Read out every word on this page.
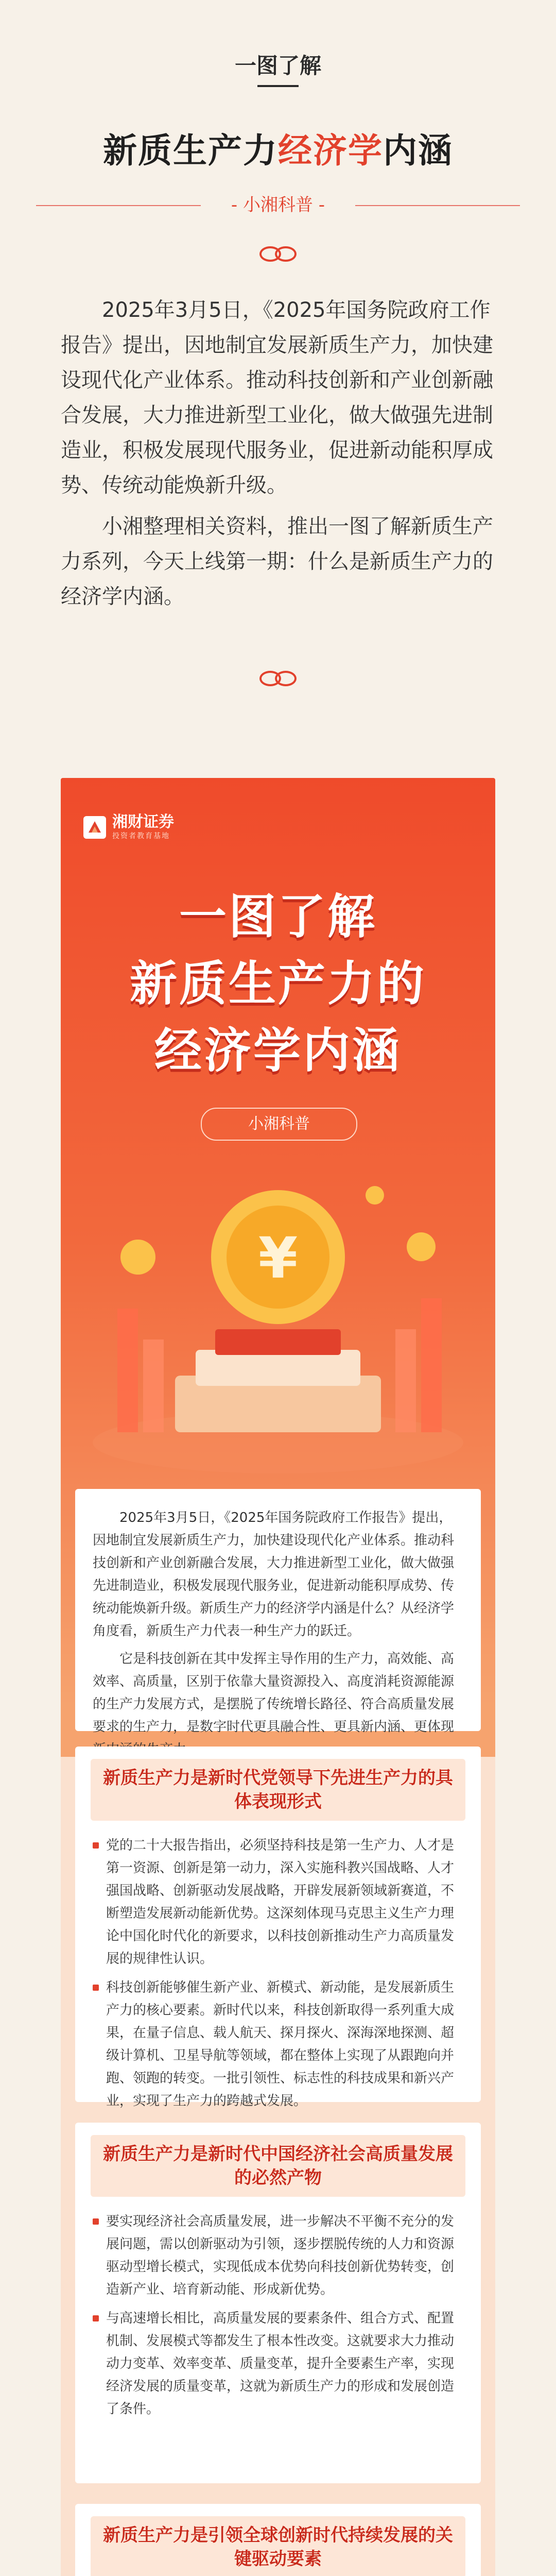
一图了解
新质生产力经济学内涵
- 小湘科普 -

2025年3月5日，《2025年国务院政府工作报告》提出，因地制宜发展新质生产力，加快建设现代化产业体系。推动科技创新和产业创新融合发展，大力推进新型工业化，做大做强先进制造业，积极发展现代服务业，促进新动能积厚成势、传统动能焕新升级。

小湘整理相关资料，推出一图了解新质生产力系列，今天上线第一期：什么是新质生产力的经济学内涵。

湘财证券
投资者教育基地
一图了解
新质生产力的
经济学内涵
小湘科普
¥

2025年3月5日，《2025年国务院政府工作报告》提出，因地制宜发展新质生产力，加快建设现代化产业体系。推动科技创新和产业创新融合发展，大力推进新型工业化，做大做强先进制造业，积极发展现代服务业，促进新动能积厚成势、传统动能焕新升级。新质生产力的经济学内涵是什么？从经济学角度看，新质生产力代表一种生产力的跃迁。

它是科技创新在其中发挥主导作用的生产力，高效能、高效率、高质量，区别于依靠大量资源投入、高度消耗资源能源的生产力发展方式，是摆脱了传统增长路径、符合高质量发展要求的生产力，是数字时代更具融合性、更具新内涵、更体现

新质生产力是新时代党领导下先进生产力的具体表现形式
党的二十大报告指出，必须坚持科技是第一生产力、人才是第一资源、创新是第一动力，深入实施科教兴国战略、人才强国战略、创新驱动发展战略，开辟发展新领域新赛道，不断塑造发展新动能新优势。这深刻体现马克思主义生产力理论中国化时代化的新要求，以科技创新推动生产力高质量发展的规律性认识。
科技创新能够催生新产业、新模式、新动能，是发展新质生产力的核心要素。新时代以来，科技创新取得一系列重大成果，在量子信息、载人航天、探月探火、深海深地探测、超级计算机、卫星导航等领域，都在整体上实现了从跟跑向并跑、领跑的转变。一批引领性、标志性的科技成果和新兴产业，实现了生产力的跨越式发展。
新质生产力是新时代中国经济社会高质量发展的必然产物
要实现经济社会高质量发展，进一步解决不平衡不充分的发展问题，需以创新驱动为引领，逐步摆脱传统的人力和资源驱动型增长模式，实现低成本优势向科技创新优势转变，创造新产业、培育新动能、形成新优势。
与高速增长相比，高质量发展的要素条件、组合方式、配置机制、发展模式等都发生了根本性改变。这就要求大力推动动力变革、效率变革、质量变革，提升全要素生产率，实现经济发展的质量变革，这就为新质生产力的形成和发展创造了条件。
新质生产力是引领全球创新时代持续发展的关键驱动要素
